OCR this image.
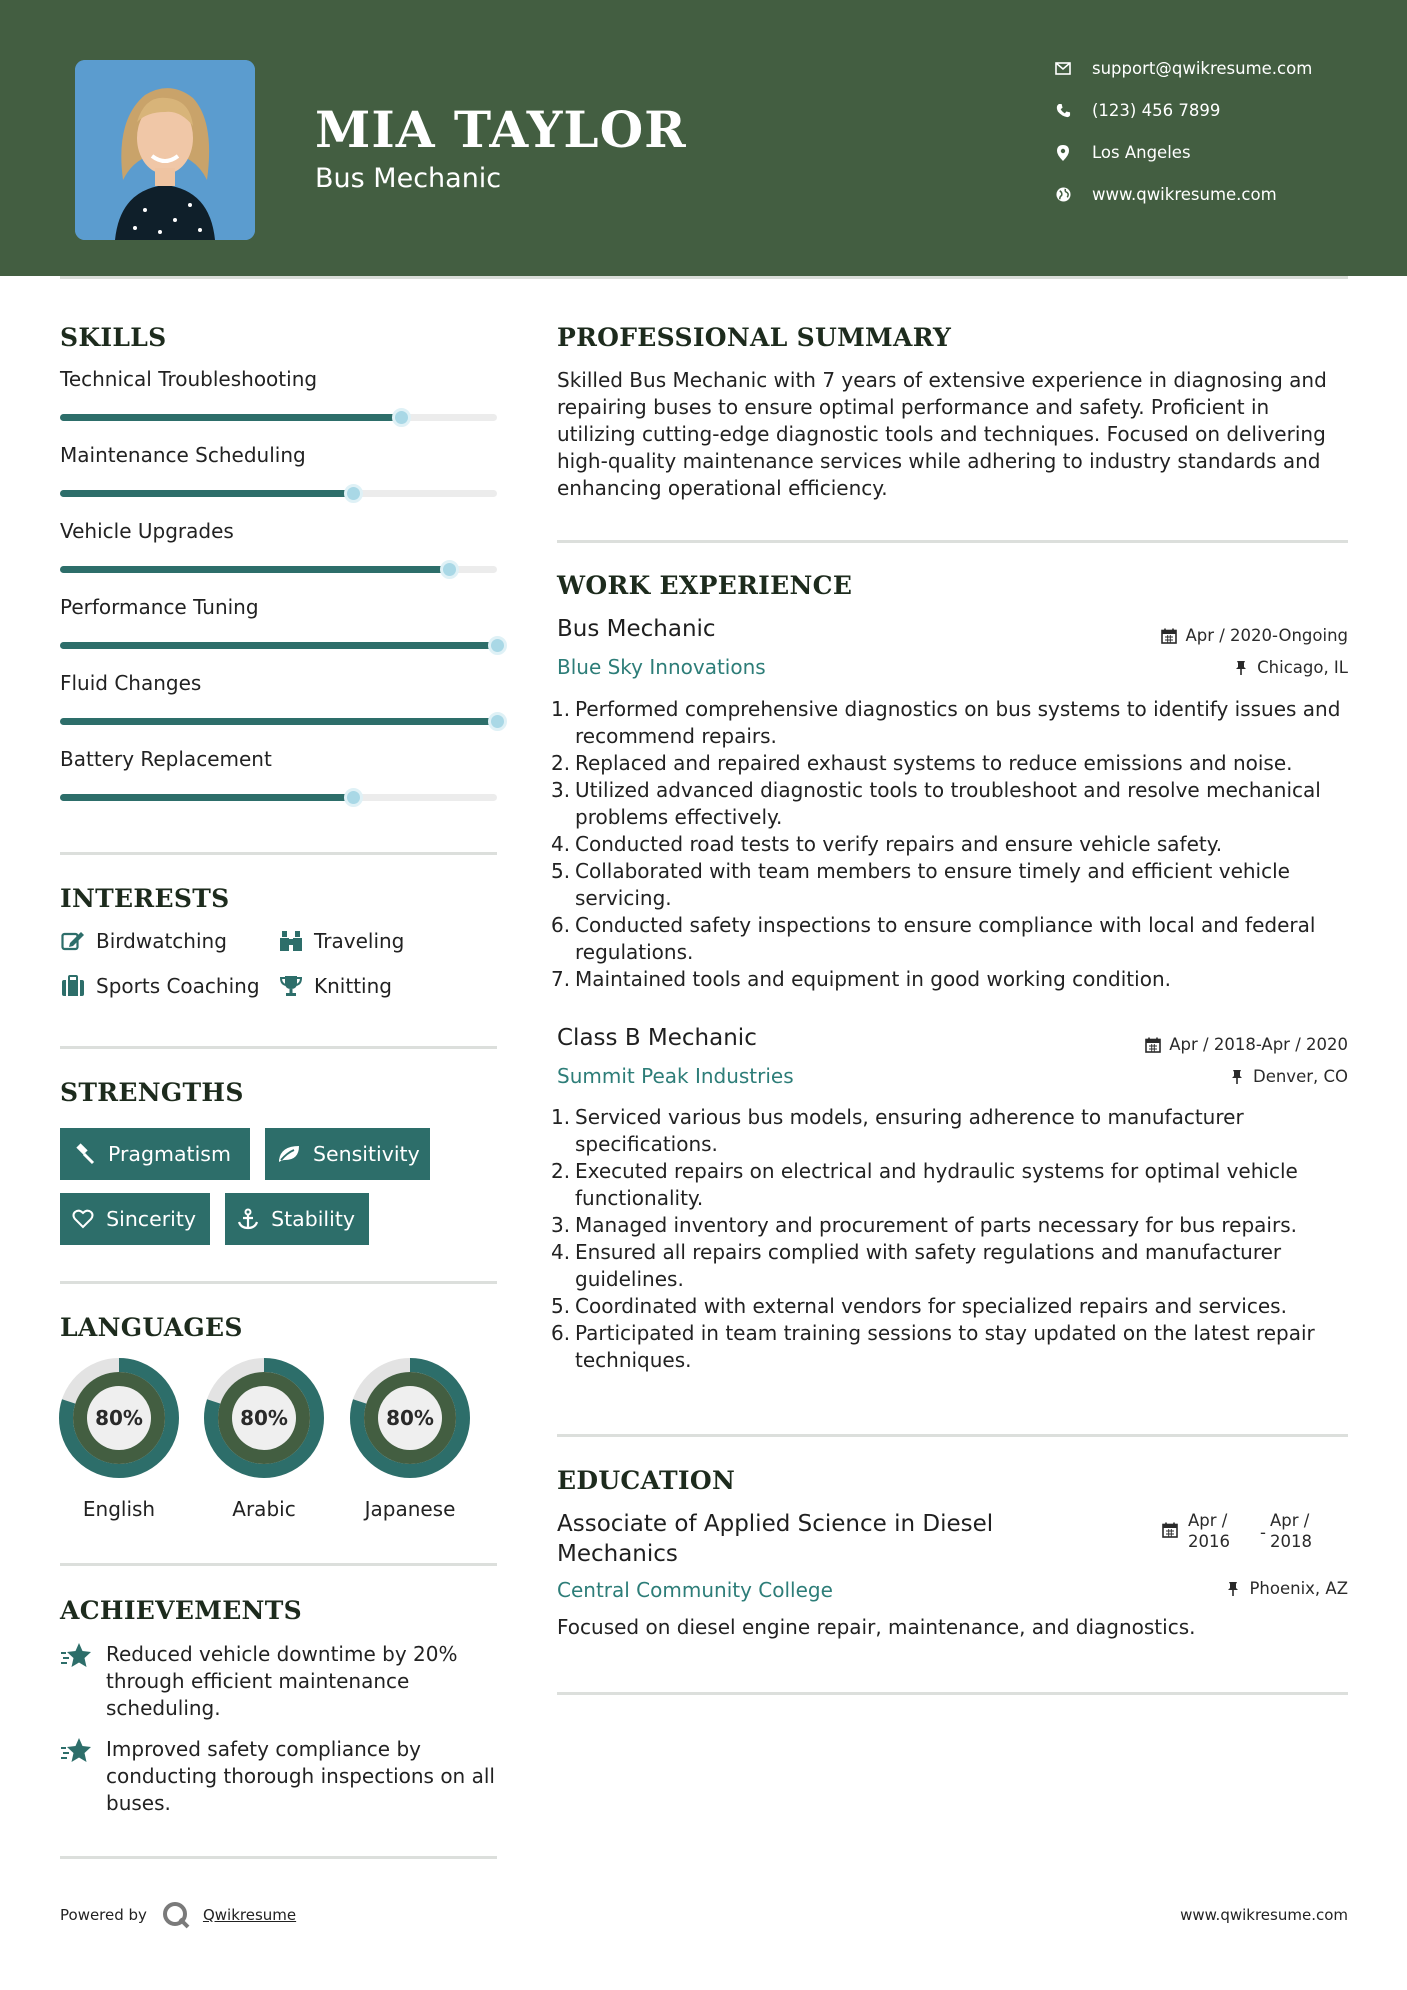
MIA TAYLOR
Bus Mechanic
support@qwikresume.com
(123) 456 7899
Los Angeles
www.qwikresume.com
SKILLS
Technical Troubleshooting
Maintenance Scheduling
Vehicle Upgrades
Performance Tuning
Fluid Changes
Battery Replacement
INTERESTS
Birdwatching	Traveling
Sports Coaching	Knitting
STRENGTHS
Pragmatism	Sensitivity
Sincerity	Stability
LANGUAGES
80%
English
80%
Arabic
80%
Japanese
ACHIEVEMENTS
Reduced vehicle downtime by 20% through efficient maintenance scheduling.
Improved safety compliance by conducting thorough inspections on all buses.
PROFESSIONAL SUMMARY
Skilled Bus Mechanic with 7 years of extensive experience in diagnosing and repairing buses to ensure optimal performance and safety. Proficient in utilizing cutting-edge diagnostic tools and techniques. Focused on delivering high-quality maintenance services while adhering to industry standards and enhancing operational efficiency.
WORK EXPERIENCE
Bus Mechanic	Apr / 2020-Ongoing
Blue Sky Innovations	Chicago, IL
Performed comprehensive diagnostics on bus systems to identify issues and recommend repairs.
Replaced and repaired exhaust systems to reduce emissions and noise.
Utilized advanced diagnostic tools to troubleshoot and resolve mechanical problems effectively.
Conducted road tests to verify repairs and ensure vehicle safety.
Collaborated with team members to ensure timely and efficient vehicle servicing.
Conducted safety inspections to ensure compliance with local and federal regulations.
Maintained tools and equipment in good working condition.
Class B Mechanic	Apr / 2018-Apr / 2020
Summit Peak Industries	Denver, CO
Serviced various bus models, ensuring adherence to manufacturer specifications.
Executed repairs on electrical and hydraulic systems for optimal vehicle functionality.
Managed inventory and procurement of parts necessary for bus repairs.
Ensured all repairs complied with safety regulations and manufacturer guidelines.
Coordinated with external vendors for specialized repairs and services.
Participated in team training sessions to stay updated on the latest repair techniques.
EDUCATION
Associate of Applied Science in Diesel Mechanics
Apr / 2016	-
Apr / 2018
Central Community College	Phoenix, AZ
Focused on diesel engine repair, maintenance, and diagnostics.
Powered by	Qwikresume	www.qwikresume.com
